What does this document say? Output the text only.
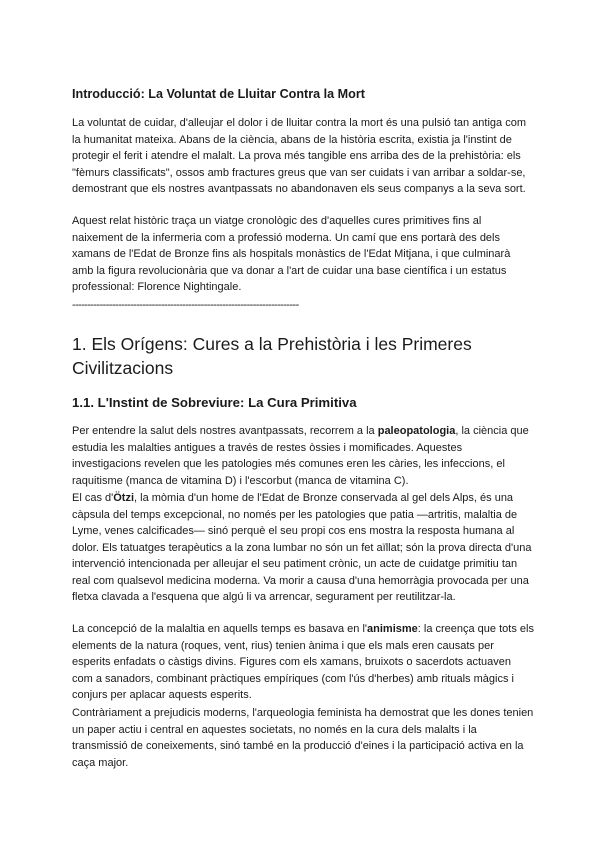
Introducció: La Voluntat de Lluitar Contra la Mort

La voluntat de cuidar, d'alleujar el dolor i de lluitar contra la mort és una pulsió tan antiga com la humanitat mateixa. Abans de la ciència, abans de la història escrita, existia ja l'instint de protegir el ferit i atendre el malalt. La prova més tangible ens arriba des de la prehistòria: els "fèmurs classificats", ossos amb fractures greus que van ser cuidats i van arribar a soldar-se, demostrant que els nostres avantpassats no abandonaven els seus companys a la seva sort.

Aquest relat històric traça un viatge cronològic des d'aquelles cures primitives fins al naixement de la infermeria com a professió moderna. Un camí que ens portarà des dels xamans de l'Edat de Bronze fins als hospitals monàstics de l'Edat Mitjana, i que culminarà amb la figura revolucionària que va donar a l'art de cuidar una base científica i un estatus professional: Florence Nightingale.

--------------------------------------------------------------------------
1. Els Orígens: Cures a la Prehistòria i les Primeres Civilitzacions
1.1. L'Instint de Sobreviure: La Cura Primitiva

Per entendre la salut dels nostres avantpassats, recorrem a la paleopatologia, la ciència que estudia les malalties antigues a través de restes òssies i momificades. Aquestes investigacions revelen que les patologies més comunes eren les càries, les infeccions, el raquitisme (manca de vitamina D) i l'escorbut (manca de vitamina C).

El cas d'Ötzi, la mòmia d'un home de l'Edat de Bronze conservada al gel dels Alps, és una càpsula del temps excepcional, no només per les patologies que patia —artritis, malaltia de Lyme, venes calcificades— sinó perquè el seu propi cos ens mostra la resposta humana al dolor. Els tatuatges terapèutics a la zona lumbar no són un fet aïllat; són la prova directa d'una intervenció intencionada per alleujar el seu patiment crònic, un acte de cuidatge primitiu tan real com qualsevol medicina moderna. Va morir a causa d'una hemorràgia provocada per una fletxa clavada a l'esquena que algú li va arrencar, segurament per reutilitzar-la.

La concepció de la malaltia en aquells temps es basava en l'animisme: la creença que tots els elements de la natura (roques, vent, rius) tenien ànima i que els mals eren causats per esperits enfadats o càstigs divins. Figures com els xamans, bruixots o sacerdots actuaven com a sanadors, combinant pràctiques empíriques (com l'ús d'herbes) amb rituals màgics i conjurs per aplacar aquests esperits.

Contràriament a prejudicis moderns, l'arqueologia feminista ha demostrat que les dones tenien un paper actiu i central en aquestes societats, no només en la cura dels malalts i la transmissió de coneixements, sinó també en la producció d'eines i la participació activa en la caça major.
